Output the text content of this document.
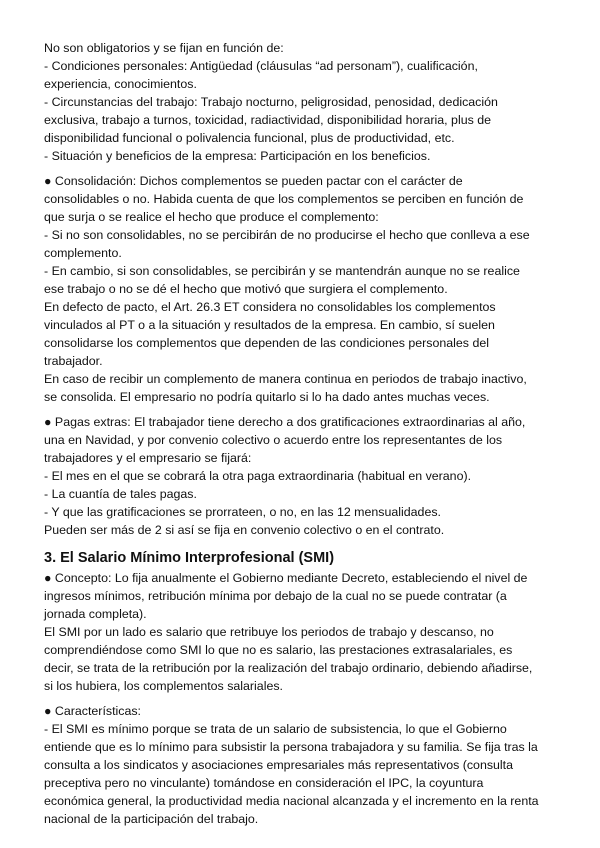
No son obligatorios y se fijan en función de:

- Condiciones personales: Antigüedad (cláusulas “ad personam”), cualificación, experiencia, conocimientos.

- Circunstancias del trabajo: Trabajo nocturno, peligrosidad, penosidad, dedicación exclusiva, trabajo a turnos, toxicidad, radiactividad, disponibilidad horaria, plus de disponibilidad funcional o polivalencia funcional, plus de productividad, etc.

- Situación y beneficios de la empresa: Participación en los beneficios.

● Consolidación: Dichos complementos se pueden pactar con el carácter de consolidables o no. Habida cuenta de que los complementos se perciben en función de que surja o se realice el hecho que produce el complemento:

- Si no son consolidables, no se percibirán de no producirse el hecho que conlleva a ese complemento.

- En cambio, si son consolidables, se percibirán y se mantendrán aunque no se realice ese trabajo o no se dé el hecho que motivó que surgiera el complemento.

En defecto de pacto, el Art. 26.3 ET considera no consolidables los complementos vinculados al PT o a la situación y resultados de la empresa. En cambio, sí suelen consolidarse los complementos que dependen de las condiciones personales del trabajador.

En caso de recibir un complemento de manera continua en periodos de trabajo inactivo, se consolida. El empresario no podría quitarlo si lo ha dado antes muchas veces.

● Pagas extras: El trabajador tiene derecho a dos gratificaciones extraordinarias al año, una en Navidad, y por convenio colectivo o acuerdo entre los representantes de los trabajadores y el empresario se fijará:

- El mes en el que se cobrará la otra paga extraordinaria (habitual en verano).

- La cuantía de tales pagas.

- Y que las gratificaciones se prorrateen, o no, en las 12 mensualidades.

Pueden ser más de 2 si así se fija en convenio colectivo o en el contrato.

3. El Salario Mínimo Interprofesional (SMI)

● Concepto: Lo fija anualmente el Gobierno mediante Decreto, estableciendo el nivel de ingresos mínimos, retribución mínima por debajo de la cual no se puede contratar (a jornada completa).

El SMI por un lado es salario que retribuye los periodos de trabajo y descanso, no comprendiéndose como SMI lo que no es salario, las prestaciones extrasalariales, es decir, se trata de la retribución por la realización del trabajo ordinario, debiendo añadirse, si los hubiera, los complementos salariales.

● Características:

- El SMI es mínimo porque se trata de un salario de subsistencia, lo que el Gobierno entiende que es lo mínimo para subsistir la persona trabajadora y su familia. Se fija tras la consulta a los sindicatos y asociaciones empresariales más representativos (consulta preceptiva pero no vinculante) tomándose en consideración el IPC, la coyuntura económica general, la productividad media nacional alcanzada y el incremento en la renta nacional de la participación del trabajo.
